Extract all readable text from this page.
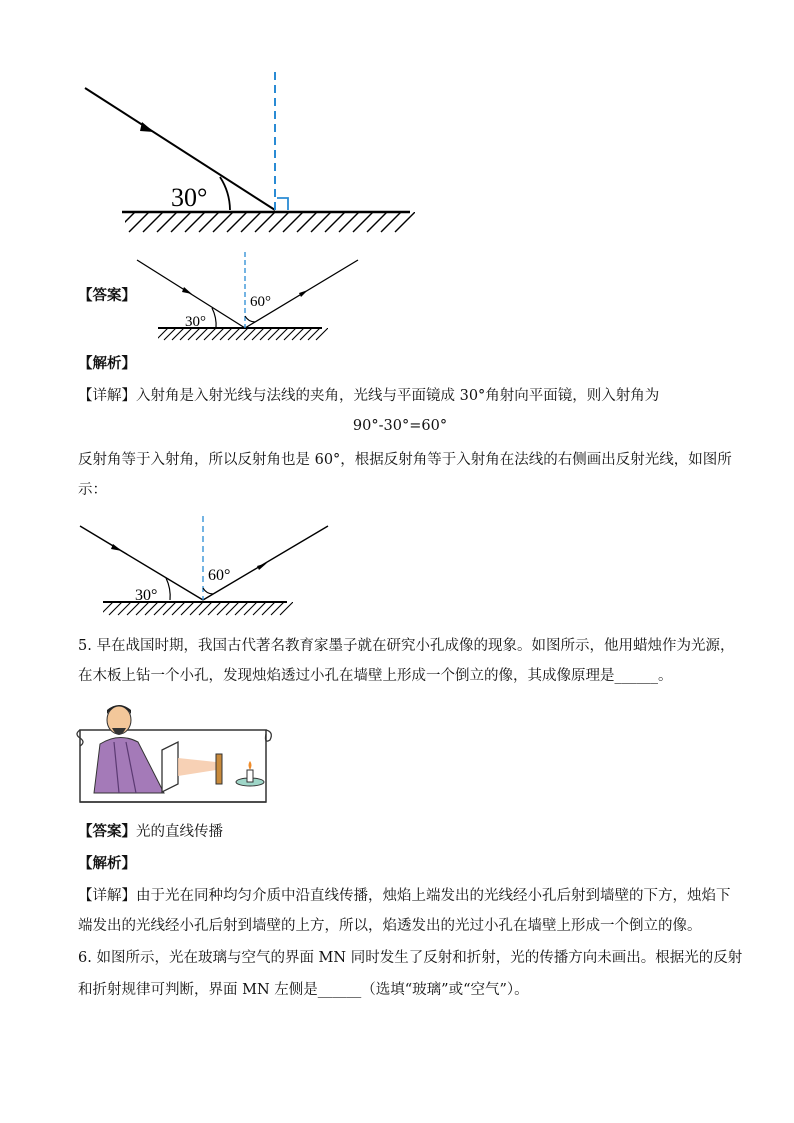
30°
【答案】
30°
60°
【解析】
【详解】入射角是入射光线与法线的夹角，光线与平面镜成 30°角射向平面镜，则入射角为
90°-30°=60°
反射角等于入射角，所以反射角也是 60°，根据反射角等于入射角在法线的右侧画出反射光线，如图所
示：
30°
60°
5. 早在战国时期，我国古代著名教育家墨子就在研究小孔成像的现象。如图所示，他用蜡烛作为光源，
在木板上钻一个小孔，发现烛焰透过小孔在墙壁上形成一个倒立的像，其成像原理是______。
【答案】光的直线传播
【解析】
【详解】由于光在同种均匀介质中沿直线传播，烛焰上端发出的光线经小孔后射到墙壁的下方，烛焰下
端发出的光线经小孔后射到墙壁的上方，所以，焰透发出的光过小孔在墙壁上形成一个倒立的像。
6. 如图所示，光在玻璃与空气的界面 MN 同时发生了反射和折射，光的传播方向未画出。根据光的反射
和折射规律可判断，界面 MN 左侧是______（选填“玻璃”或“空气”）。
